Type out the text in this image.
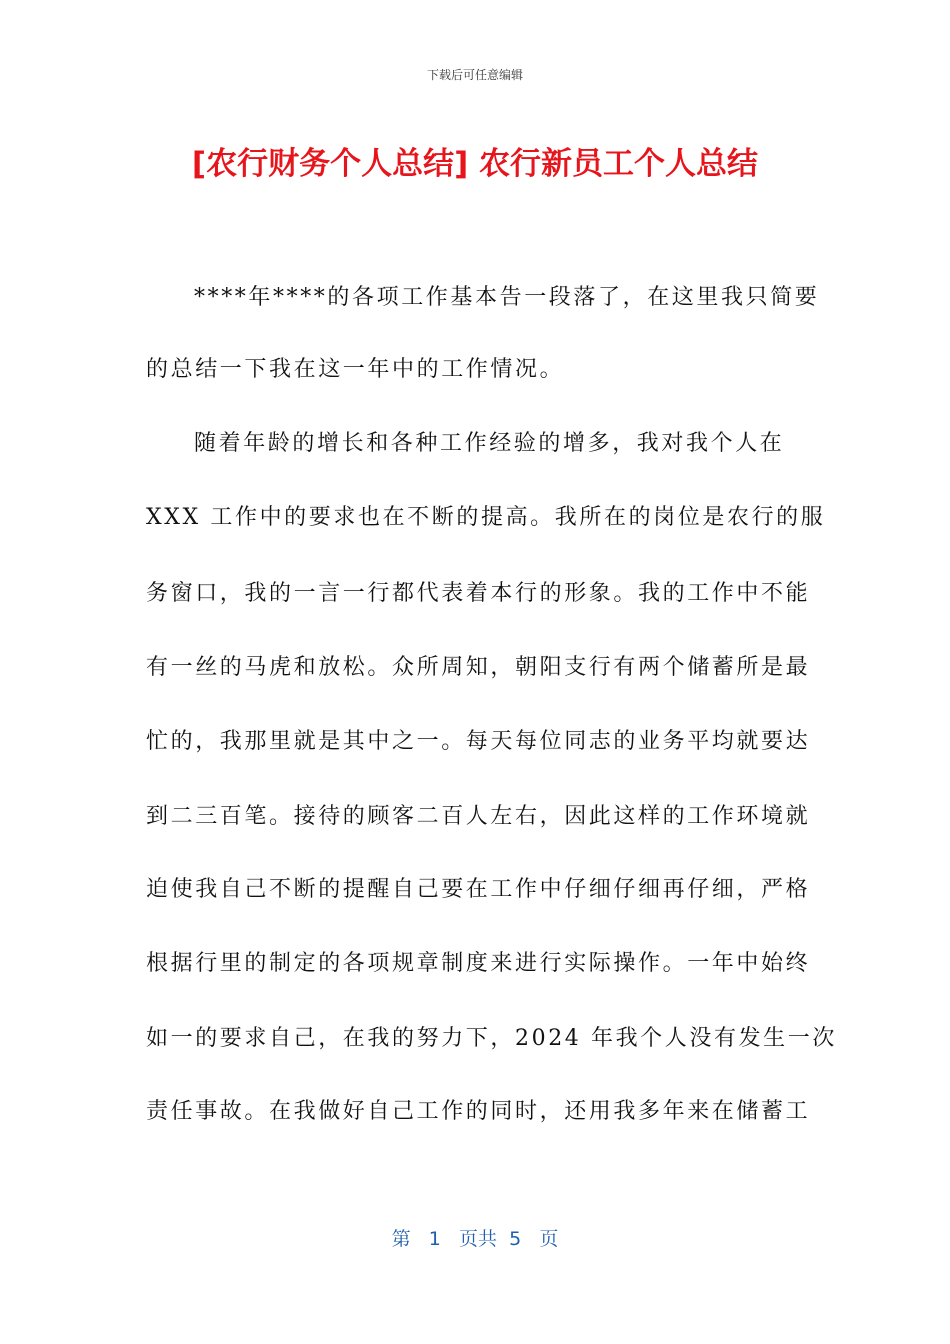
下载后可任意编辑
[农行财务个人总结] 农行新员工个人总结
****年****的各项工作基本告一段落了，在这里我只简要
的总结一下我在这一年中的工作情况。
随着年龄的增长和各种工作经验的增多，我对我个人在
XXX 工作中的要求也在不断的提高。我所在的岗位是农行的服
务窗口，我的一言一行都代表着本行的形象。我的工作中不能
有一丝的马虎和放松。众所周知，朝阳支行有两个储蓄所是最
忙的，我那里就是其中之一。每天每位同志的业务平均就要达
到二三百笔。接待的顾客二百人左右，因此这样的工作环境就
迫使我自己不断的提醒自己要在工作中仔细仔细再仔细，严格
根据行里的制定的各项规章制度来进行实际操作。一年中始终
如一的要求自己，在我的努力下，2024 年我个人没有发生一次
责任事故。在我做好自己工作的同时，还用我多年来在储蓄工
第 1 页共 5 页
